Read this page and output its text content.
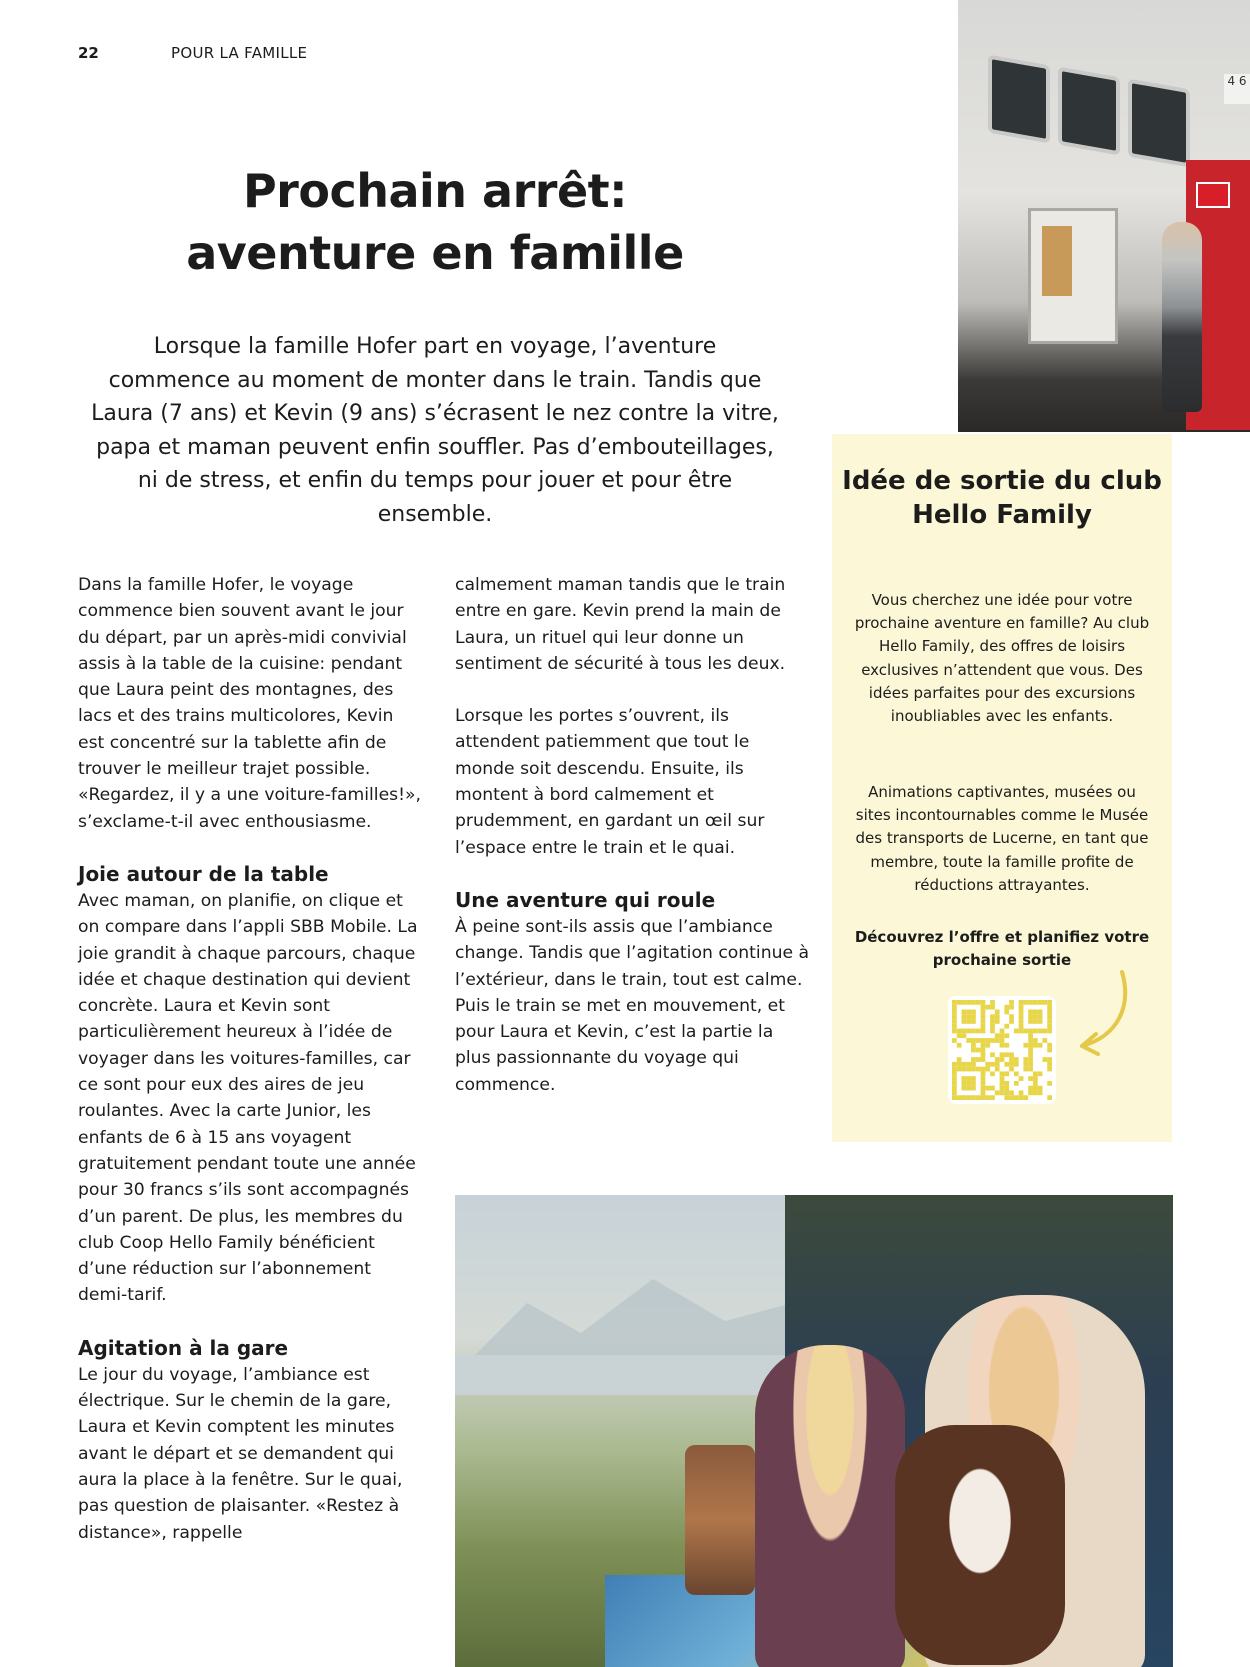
22	POUR LA FAMILLE
Prochain arrêt:
aventure en famille

Lorsque la famille Hofer part en voyage, l’aventure commence au moment de monter dans le train. Tandis que Laura (7 ans) et Kevin (9 ans) s’écrasent le nez contre la vitre, papa et maman peuvent enfin souffler. Pas d’embouteillages, ni de stress, et enfin du temps pour jouer et pour être ensemble.

Dans la famille Hofer, le voyage commence bien souvent avant le jour du départ, par un après-midi convivial assis à la table de la cuisine: pendant que Laura peint des montagnes, des lacs et des trains multicolores, Kevin est concentré sur la tablette afin de trouver le meilleur trajet possible. «Regardez, il y a une voiture-familles!», s’exclame-t-il avec enthousiasme.

Joie autour de la table

Avec maman, on planifie, on clique et on compare dans l’appli SBB Mobile. La joie grandit à chaque parcours, chaque idée et chaque destination qui devient concrète. Laura et Kevin sont particulièrement heureux à l’idée de voyager dans les voitures-familles, car ce sont pour eux des aires de jeu roulantes. Avec la carte Junior, les enfants de 6 à 15 ans voyagent gratuitement pendant toute une année pour 30 francs s’ils sont accompagnés d’un parent. De plus, les membres du club Coop Hello Family bénéficient d’une réduction sur l’abonnement demi-tarif.

Agitation à la gare

Le jour du voyage, l’ambiance est électrique. Sur le chemin de la gare, Laura et Kevin comptent les minutes avant le départ et se demandent qui aura la place à la fenêtre. Sur le quai, pas question de plaisanter. «Restez à distance», rappelle

calmement maman tandis que le train entre en gare. Kevin prend la main de Laura, un rituel qui leur donne un sentiment de sécurité à tous les deux.

Lorsque les portes s’ouvrent, ils attendent patiemment que tout le monde soit descendu. Ensuite, ils montent à bord calmement et prudemment, en gardant un œil sur l’espace entre le train et le quai.

Une aventure qui roule

À peine sont-ils assis que l’ambiance change. Tandis que l’agitation continue à l’extérieur, dans le train, tout est calme. Puis le train se met en mouvement, et pour Laura et Kevin, c’est la partie la plus passionnante du voyage qui commence.

4 6
Idée de sortie du club Hello Family

Vous cherchez une idée pour votre prochaine aventure en famille? Au club Hello Family, des offres de loisirs exclusives n’attendent que vous. Des idées parfaites pour des excursions inoubliables avec les enfants.

Animations captivantes, musées ou sites incontournables comme le Musée des transports de Lucerne, en tant que membre, toute la famille profite de réductions attrayantes.

Découvrez l’offre et planifiez votre prochaine sortie
